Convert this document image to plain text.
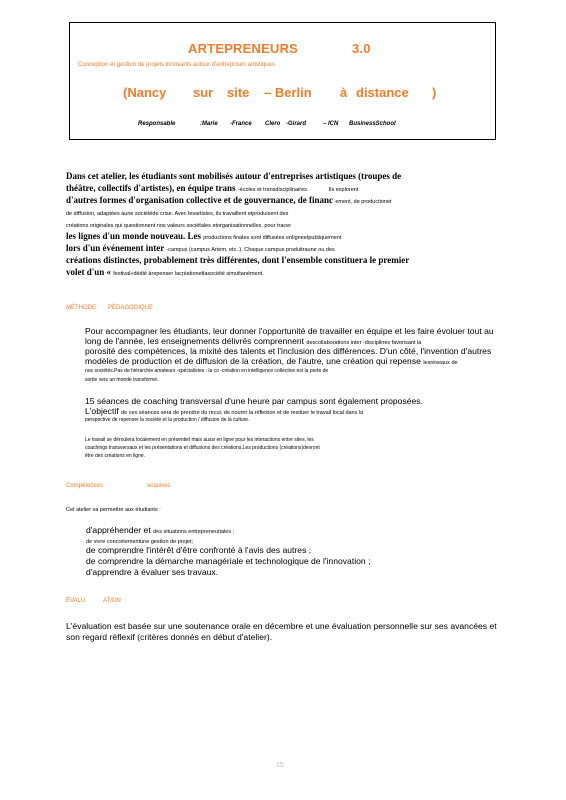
ARTEPRENEURS	3.0
Conception et gestion de projets innovants autour d'entreprises artistiques
(Nancy sur site – Berlin à distance )
Responsable	:Marie -France Clero -Girard	– ICN BusinessSchool

Dans cet atelier, les étudiants sont mobilisés autour d'entreprises artistiques (troupes de

théâtre, collectifs d'artistes), en équipe trans -écoles et transdisciplinaires.	Ils explorent

d'autres formes d'organisation collective et de gouvernance, de financ ement, de productionet

de diffusion, adaptées àune sociétéde crise. Avec lesartistes, ils travaillent etproduisent des

créations originales qui questionnent nos valeurs sociétales etorganisationnelles, pour tracer

les lignes d'un monde nouveau. Les productions finales sont diffusées enligneetpubliquement

lors d'un événement inter -campus (campus Artem, etc..). Chaque campus produitraune ou des

créations distinctes, probablement très différentes, dont l'ensemble constituera le premier

volet d'un « festival»dédié àrepenser lacréationetlasociété simultanément.

MÉTHODE PÉDAGOGIQUE

Pour accompagner les étudiants, leur donner l'opportunité de travailler en équipe et les faire évoluer tout au

long de l'année, les enseignements délivrés comprennent descollaborations inter -disciplines favorisant la

porosité des compétences, la mixité des talents et l'inclusion des différences. D'un côté, l'invention d'autres

modèles de production et de diffusion de la création, de l'autre, une création qui repense lesréseaux de

nos sociétés.Pas de hiérarchie amateurs -spécialistes : la co -création en intelligence collective est la porte de
sortie vers un monde transformé.

15 séances de coaching transversal d'une heure par campus sont également proposées.

L'objectif de ces séances sera de prendre du recul, de nourrir la réflexion et de resituer le travail local dans la

perspective de repenser la société et la production / diffusion de la culture.
Le travail se déroulera localement en présentiel mais aussi en ligne pour les interactions entre sites, les
coachings transversaux et les présentations et diffusions des créations.Les productions (créations)devront
être des créations en ligne.
Compétences	acquises
Cet atelier va permettre aux étudiants :
d'appréhender et des situations entrepreneuriales ;
de vivre concrètementune gestion de projet;
de comprendre l'intérêt d'être confronté à l'avis des autres ;
de comprendre la démarche managériale et technologique de l'innovation ;
d'apprendre à évaluer ses travaux.
ÉVALU	ATION

L'évaluation est basée sur une soutenance orale en décembre et une évaluation personnelle sur ses avancées et

son regard réflexif (critères donnés en début d'atelier).

15
